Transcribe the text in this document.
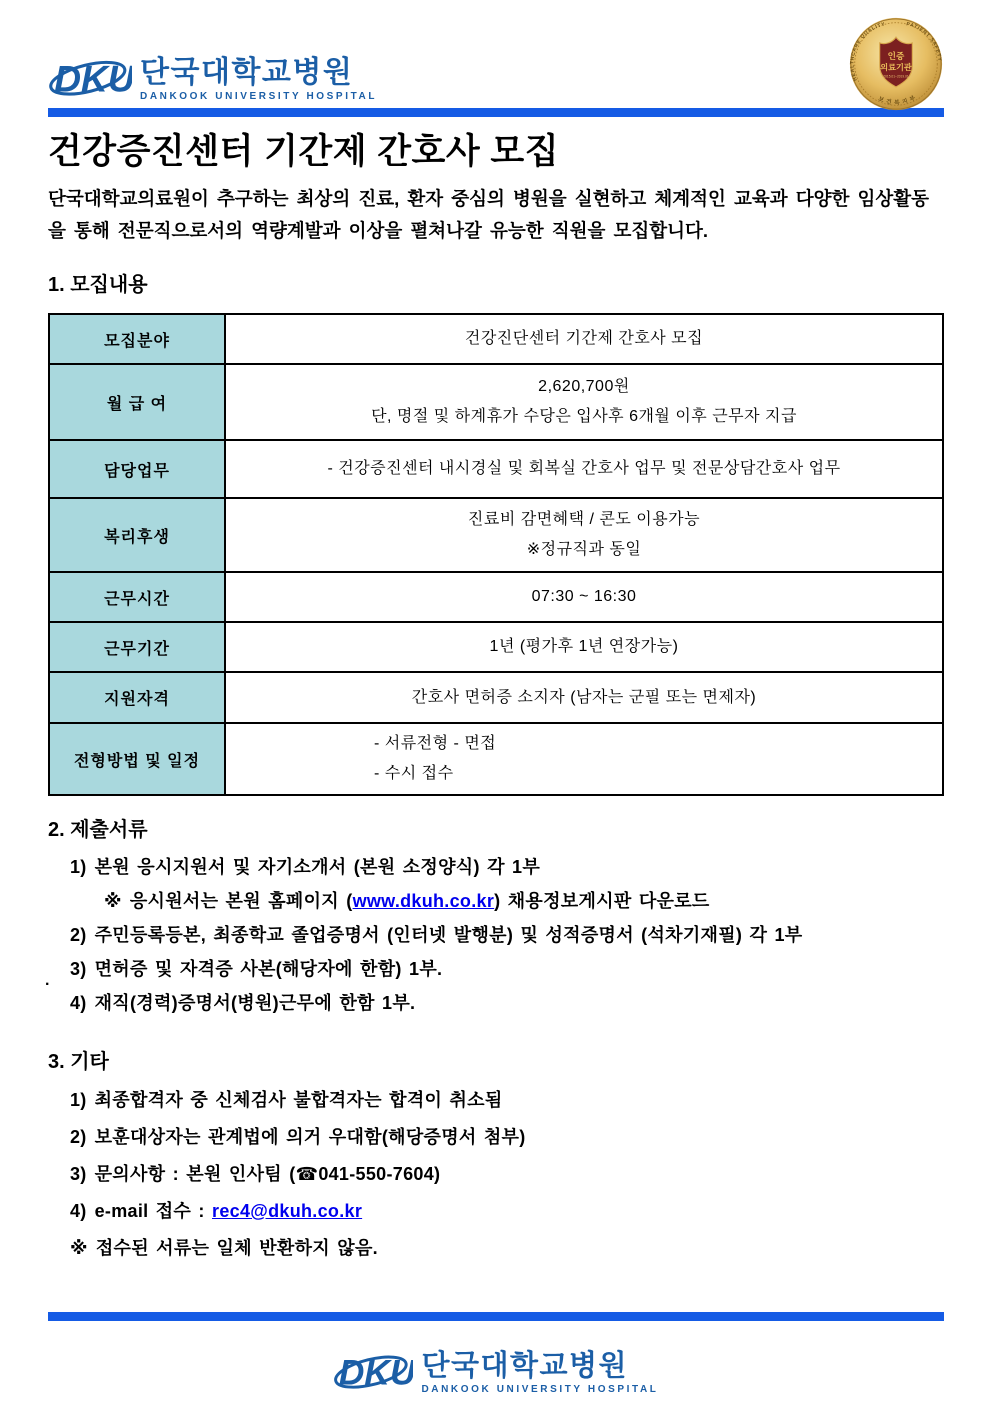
DKU 단국대학교병원
DANKOOK UNIVERSITY HOSPITAL
인증
의료기관
2015.01~2019.01
HEALTHCARE QUALITY	PATIENT SAFETY
보건복지부
건강증진센터 기간제 간호사 모집

단국대학교의료원이 추구하는 최상의 진료, 환자 중심의 병원을 실현하고 체계적인 교육과 다양한 임상활동을 통해 전문직으로서의 역량계발과 이상을 펼쳐나갈 유능한 직원을 모집합니다.

1. 모집내용
모집분야	건강진단센터 기간제 간호사 모집

월 급 여	2,620,700원
단, 명절 및 하계휴가 수당은 입사후 6개월 이후 근무자 지급

담당업무	- 건강증진센터 내시경실 및 회복실 간호사 업무 및 전문상담간호사 업무

복리후생	진료비 감면혜택 / 콘도 이용가능
※정규직과 동일

근무시간	07:30 ~ 16:30

근무기간	1년 (평가후 1년 연장가능)

지원자격	간호사 면허증 소지자 (남자는 군필 또는 면제자)

전형방법 및 일정	- 서류전형 - 면접
- 수시 접수
2. 제출서류
1) 본원 응시지원서 및 자기소개서 (본원 소정양식) 각 1부
※ 응시원서는 본원 홈페이지 (www.dkuh.co.kr) 채용정보게시판 다운로드
2) 주민등록등본, 최종학교 졸업증명서 (인터넷 발행분) 및 성적증명서 (석차기재필) 각 1부
3) 면허증 및 자격증 사본(해당자에 한함) 1부.
4) 재직(경력)증명서(병원)근무에 한함 1부.
3. 기타
1) 최종합격자 중 신체검사 불합격자는 합격이 취소됨
2) 보훈대상자는 관계법에 의거 우대함(해당증명서 첨부)
3) 문의사항 : 본원 인사팀 (☎041-550-7604)
4) e-mail 접수 : rec4@dkuh.co.kr
※ 접수된 서류는 일체 반환하지 않음.
.
DKU 단국대학교병원
DANKOOK UNIVERSITY HOSPITAL
